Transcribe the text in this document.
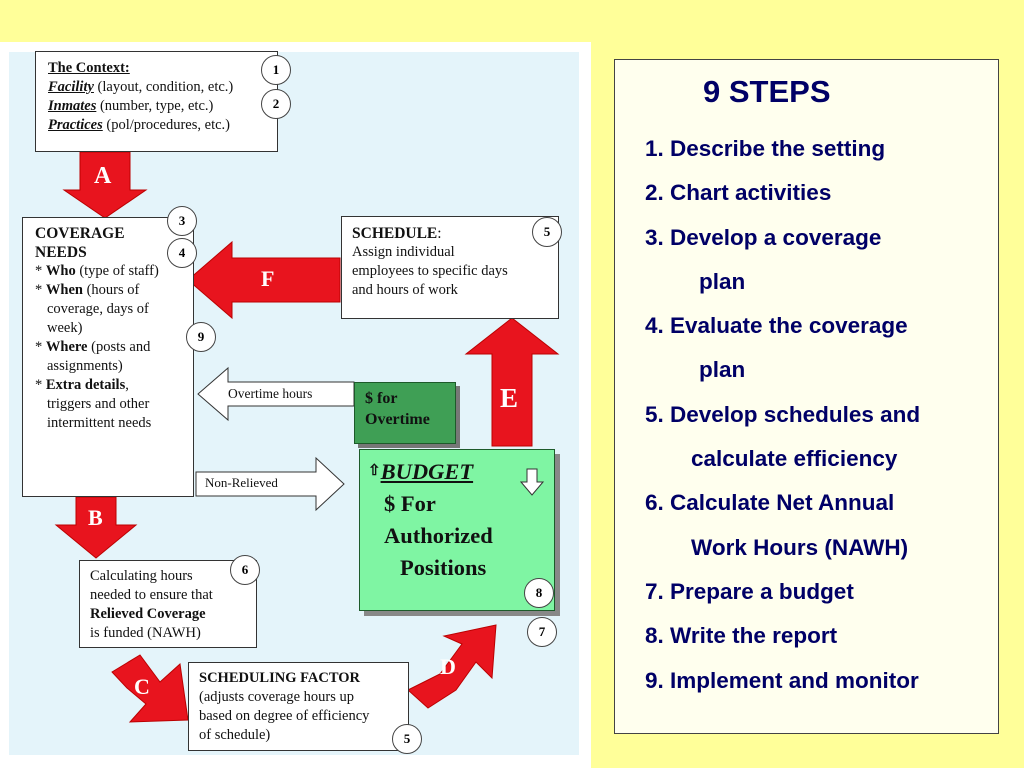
A
B
C
D
E
F
Overtime hours
Non-Relieved

The Context:

Facility (layout, condition, etc.)

Inmates (number, type, etc.)

Practices (pol/procedures, etc.)

COVERAGE

NEEDS

* Who (type of staff)

* When (hours of

coverage, days of

week)

* Where (posts and

assignments)

* Extra details,

triggers and other

intermittent needs

SCHEDULE:

Assign individual

employees to specific days

and hours of work

$ for

Overtime

⇧BUDGET

$ For

Authorized

Positions

Calculating hours

needed to ensure that

Relieved Coverage

is funded (NAWH)

SCHEDULING FACTOR

(adjusts coverage hours up

based on degree of efficiency

of schedule)

1
2
3
4
5
9
6
8
7
5
9 STEPS
1. Describe the setting
2. Chart activities
3. Develop a coverage
plan
4. Evaluate the coverage
plan
5. Develop schedules and
calculate efficiency
6. Calculate Net Annual
Work Hours (NAWH)
7. Prepare a budget
8. Write the report
9. Implement and monitor
